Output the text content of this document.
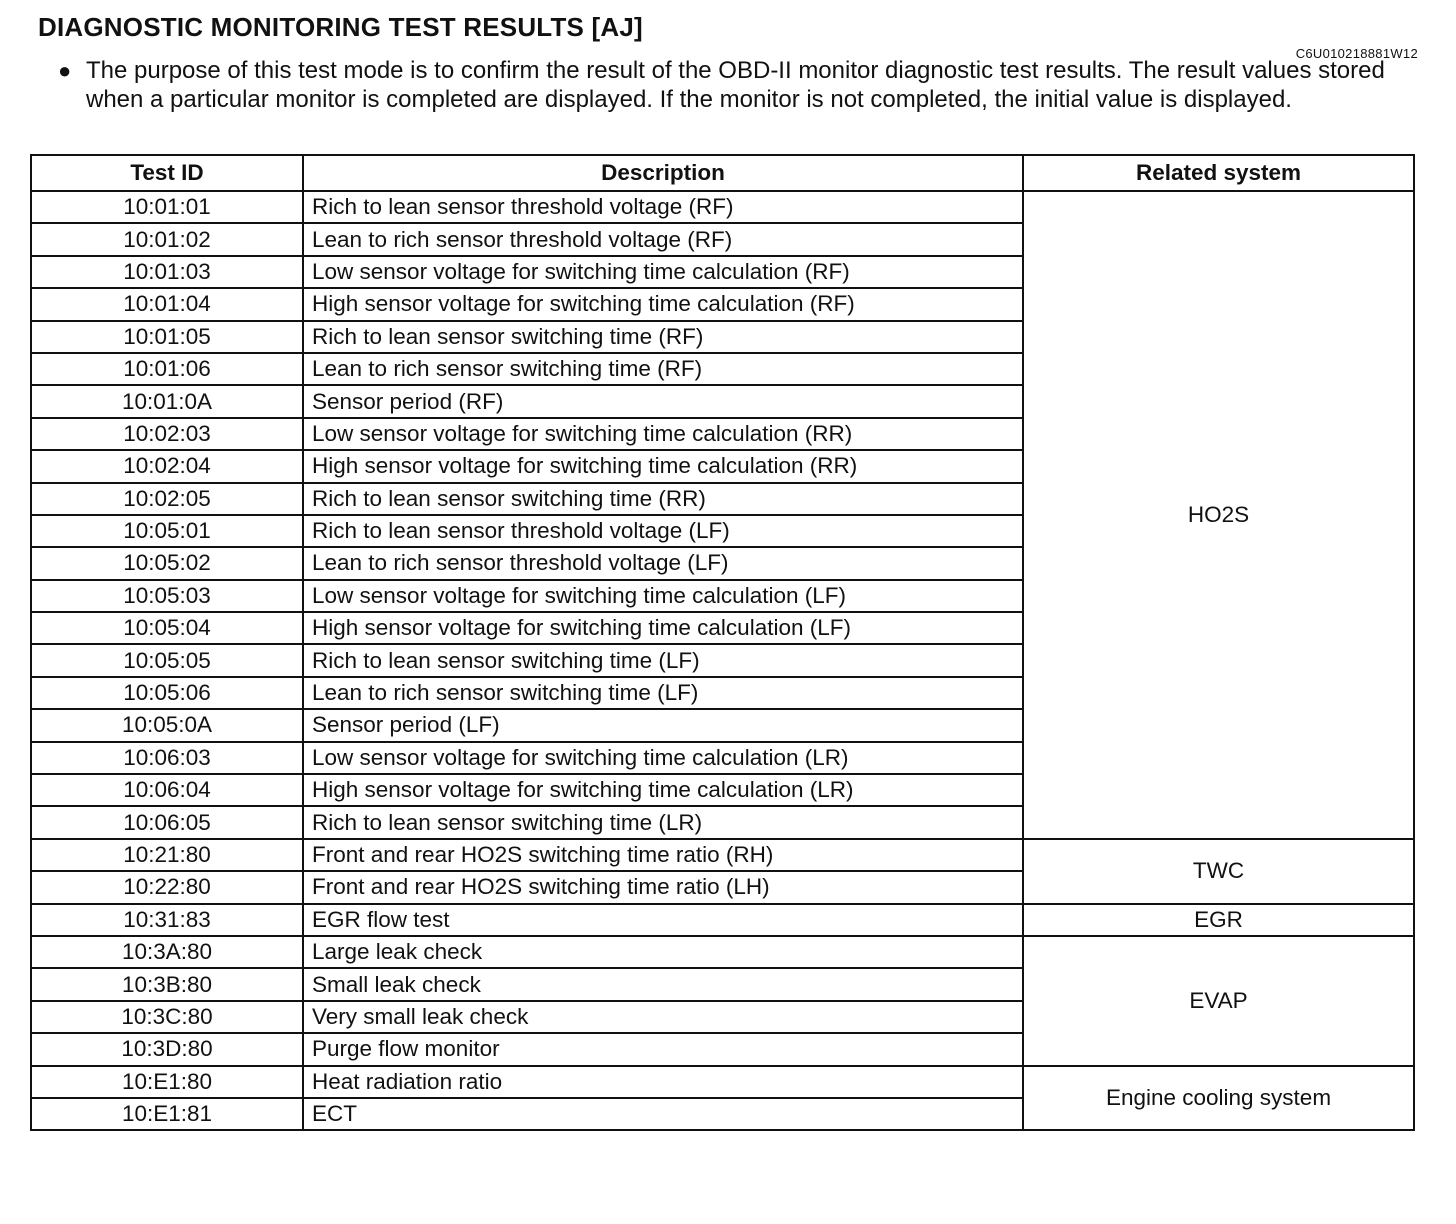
DIAGNOSTIC MONITORING TEST RESULTS [AJ]
C6U010218881W12
● The purpose of this test mode is to confirm the result of the OBD-II monitor diagnostic test results. The result values stored when a particular monitor is completed are displayed. If the monitor is not completed, the initial value is displayed.
Test ID	Description	Related system
10:01:01	Rich to lean sensor threshold voltage (RF)	HO2S
10:01:02	Lean to rich sensor threshold voltage (RF)	
10:01:03	Low sensor voltage for switching time calculation (RF)	
10:01:04	High sensor voltage for switching time calculation (RF)	
10:01:05	Rich to lean sensor switching time (RF)	
10:01:06	Lean to rich sensor switching time (RF)	
10:01:0A	Sensor period (RF)	
10:02:03	Low sensor voltage for switching time calculation (RR)	
10:02:04	High sensor voltage for switching time calculation (RR)	
10:02:05	Rich to lean sensor switching time (RR)	
10:05:01	Rich to lean sensor threshold voltage (LF)	
10:05:02	Lean to rich sensor threshold voltage (LF)	
10:05:03	Low sensor voltage for switching time calculation (LF)	
10:05:04	High sensor voltage for switching time calculation (LF)	
10:05:05	Rich to lean sensor switching time (LF)	
10:05:06	Lean to rich sensor switching time (LF)	
10:05:0A	Sensor period (LF)	
10:06:03	Low sensor voltage for switching time calculation (LR)	
10:06:04	High sensor voltage for switching time calculation (LR)	
10:06:05	Rich to lean sensor switching time (LR)	
10:21:80	Front and rear HO2S switching time ratio (RH)	TWC
10:22:80	Front and rear HO2S switching time ratio (LH)	
10:31:83	EGR flow test	EGR
10:3A:80	Large leak check	EVAP
10:3B:80	Small leak check	
10:3C:80	Very small leak check	
10:3D:80	Purge flow monitor	
10:E1:80	Heat radiation ratio	Engine cooling system
10:E1:81	ECT	
